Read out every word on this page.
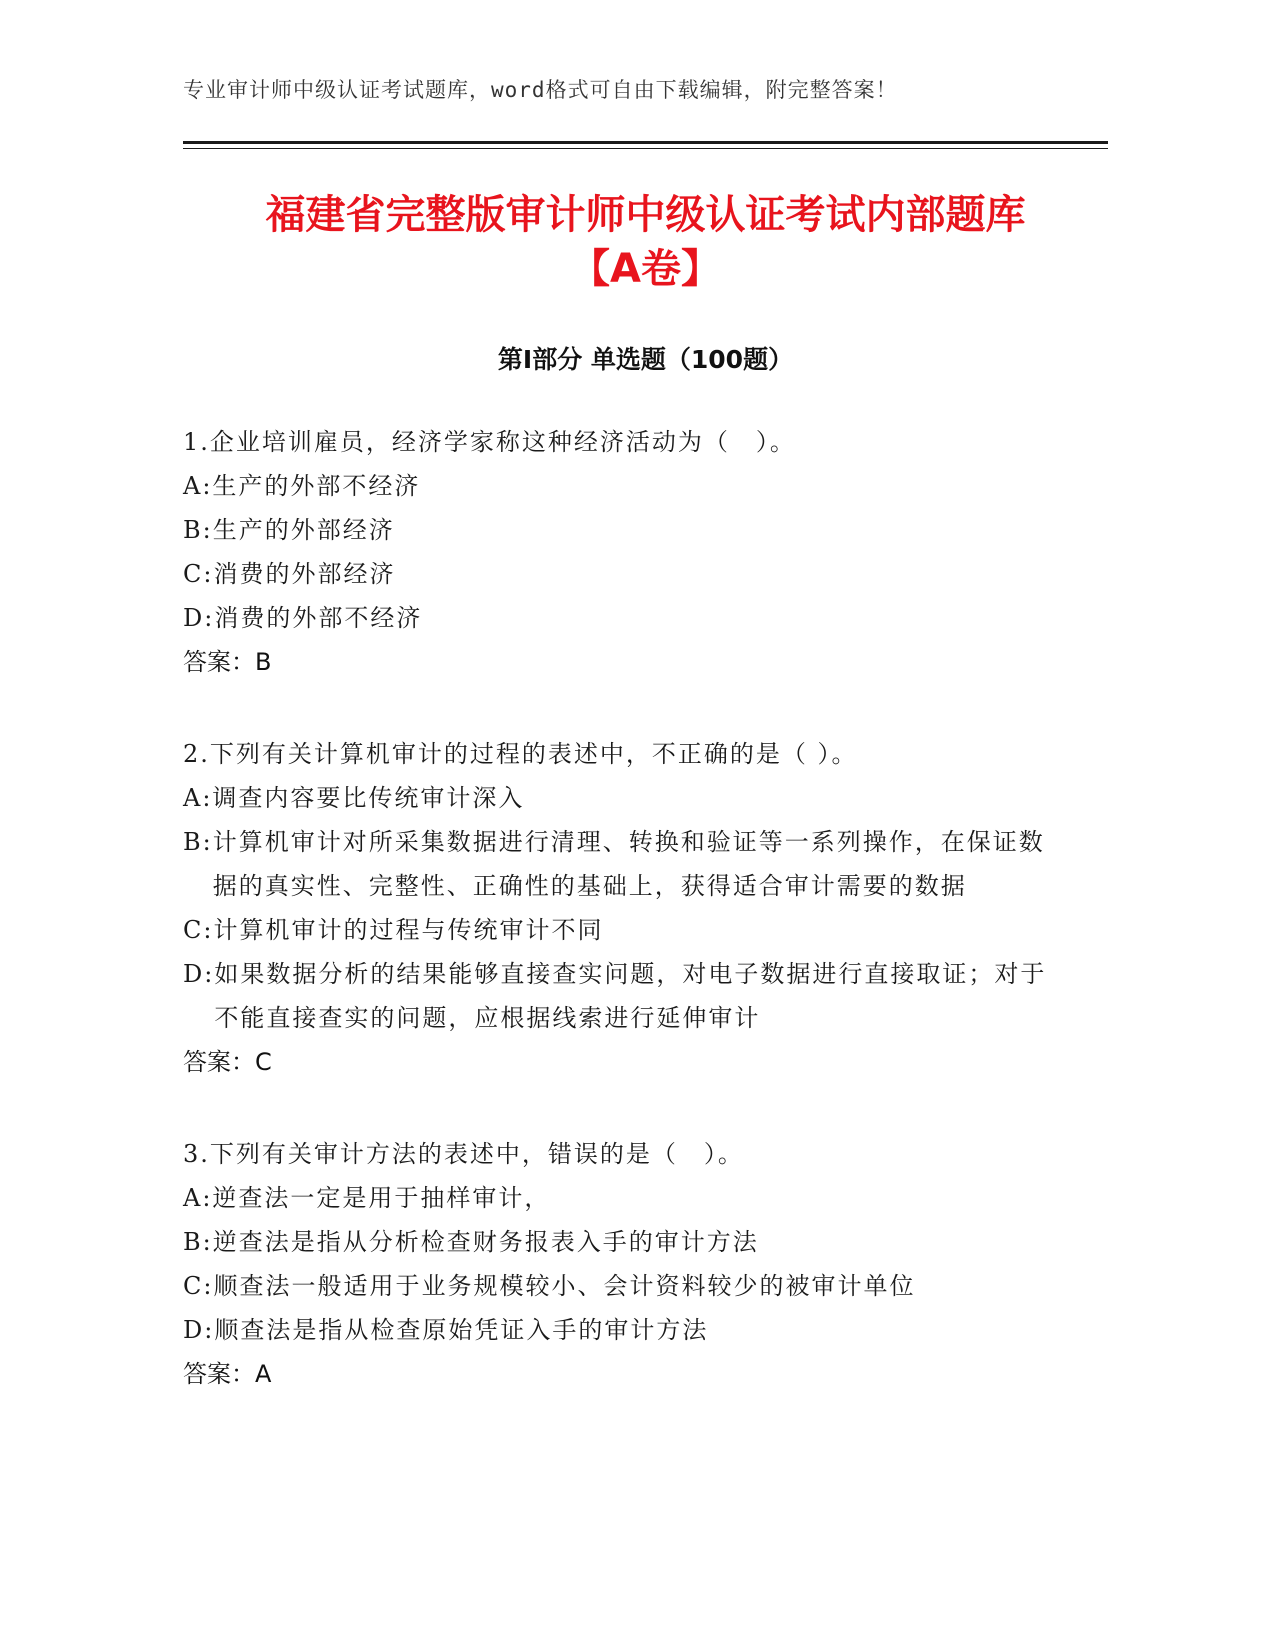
专业审计师中级认证考试题库，word格式可自由下载编辑，附完整答案！
福建省完整版审计师中级认证考试内部题库
【A卷】
第Ⅰ部分 单选题（100题）
1.企业培训雇员，经济学家称这种经济活动为（　）。
A: 生产的外部不经济
B: 生产的外部经济
C: 消费的外部经济
D: 消费的外部不经济
答案：B
2.下列有关计算机审计的过程的表述中，不正确的是（ ）。
A: 调查内容要比传统审计深入
B: 计算机审计对所采集数据进行清理、转换和验证等一系列操作，在保证数据的真实性、完整性、正确性的基础上，获得适合审计需要的数据
C: 计算机审计的过程与传统审计不同
D: 如果数据分析的结果能够直接查实问题，对电子数据进行直接取证；对于不能直接查实的问题，应根据线索进行延伸审计
答案：C
3.下列有关审计方法的表述中，错误的是（　）。
A: 逆查法一定是用于抽样审计，
B: 逆查法是指从分析检查财务报表入手的审计方法
C: 顺查法一般适用于业务规模较小、会计资料较少的被审计单位
D: 顺查法是指从检查原始凭证入手的审计方法
答案：A
